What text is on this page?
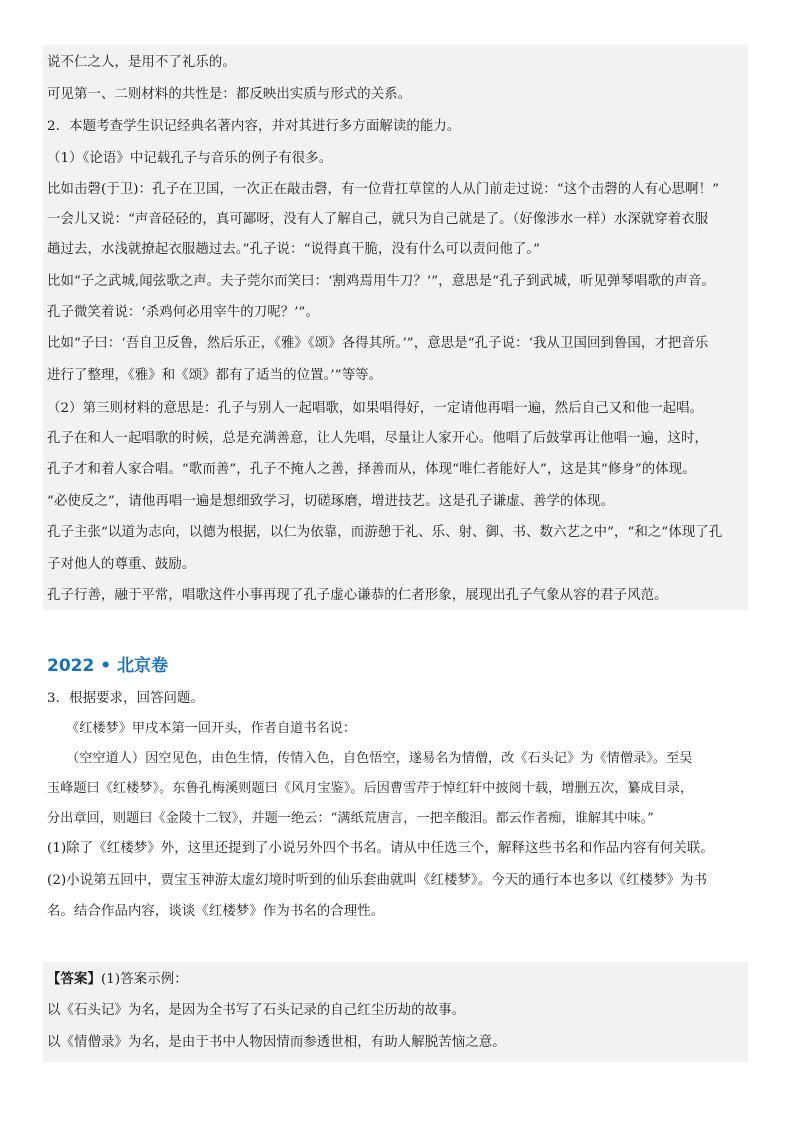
说不仁之人，是用不了礼乐的。
可见第一、二则材料的共性是：都反映出实质与形式的关系。
2．本题考查学生识记经典名著内容，并对其进行多方面解读的能力。
（1）《论语》中记载孔子与音乐的例子有很多。
比如击磬(于卫)：孔子在卫国，一次正在敲击磬，有一位背扛草筐的人从门前走过说：“这个击磬的人有心思啊！”
一会儿又说：“声音硁硁的，真可鄙呀，没有人了解自己，就只为自己就是了。（好像涉水一样）水深就穿着衣服
趟过去，水浅就撩起衣服趟过去。”孔子说：“说得真干脆，没有什么可以责问他了。”
比如“子之武城,闻弦歌之声。夫子莞尔而笑曰：‘割鸡焉用牛刀？’”，意思是“孔子到武城，听见弹琴唱歌的声音。
孔子微笑着说：‘杀鸡何必用宰牛的刀呢？’”。
比如“子曰：‘吾自卫反鲁，然后乐正，《雅》《颂》各得其所。’”，意思是“孔子说：‘我从卫国回到鲁国，才把音乐
进行了整理，《雅》和《颂》都有了适当的位置。’”等等。
（2）第三则材料的意思是：孔子与别人一起唱歌，如果唱得好，一定请他再唱一遍，然后自己又和他一起唱。
孔子在和人一起唱歌的时候，总是充满善意，让人先唱，尽量让人家开心。他唱了后鼓掌再让他唱一遍，这时，
孔子才和着人家合唱。“歌而善”，孔子不掩人之善，择善而从，体现“唯仁者能好人”，这是其“修身”的体现。
“必使反之”，请他再唱一遍是想细致学习，切磋琢磨，增进技艺。这是孔子谦虚、善学的体现。
孔子主张“以道为志向，以德为根据，以仁为依靠，而游憩于礼、乐、射、御、书、数六艺之中”，“和之”体现了孔
子对他人的尊重、鼓励。
孔子行善，融于平常，唱歌这件小事再现了孔子虚心谦恭的仁者形象，展现出孔子气象从容的君子风范。
2022 • 北京卷
3．根据要求，回答问题。
《红楼梦》甲戌本第一回开头，作者自道书名说：
（空空道人）因空见色，由色生情，传情入色，自色悟空，遂易名为情僧，改《石头记》为《情僧录》。至吴
玉峰题曰《红楼梦》。东鲁孔梅溪则题曰《风月宝鉴》。后因曹雪芹于悼红轩中披阅十载，增删五次，纂成目录，
分出章回，则题曰《金陵十二钗》，并题一绝云：“满纸荒唐言，一把辛酸泪。都云作者痴，谁解其中味。”
(1)除了《红楼梦》外，这里还提到了小说另外四个书名。请从中任选三个，解释这些书名和作品内容有何关联。
(2)小说第五回中，贾宝玉神游太虚幻境时听到的仙乐套曲就叫《红楼梦》。今天的通行本也多以《红楼梦》为书
名。结合作品内容，谈谈《红楼梦》作为书名的合理性。
【答案】(1)答案示例：
以《石头记》为名，是因为全书写了石头记录的自己红尘历劫的故事。
以《情僧录》为名，是由于书中人物因情而参透世相，有助人解脱苦恼之意。
